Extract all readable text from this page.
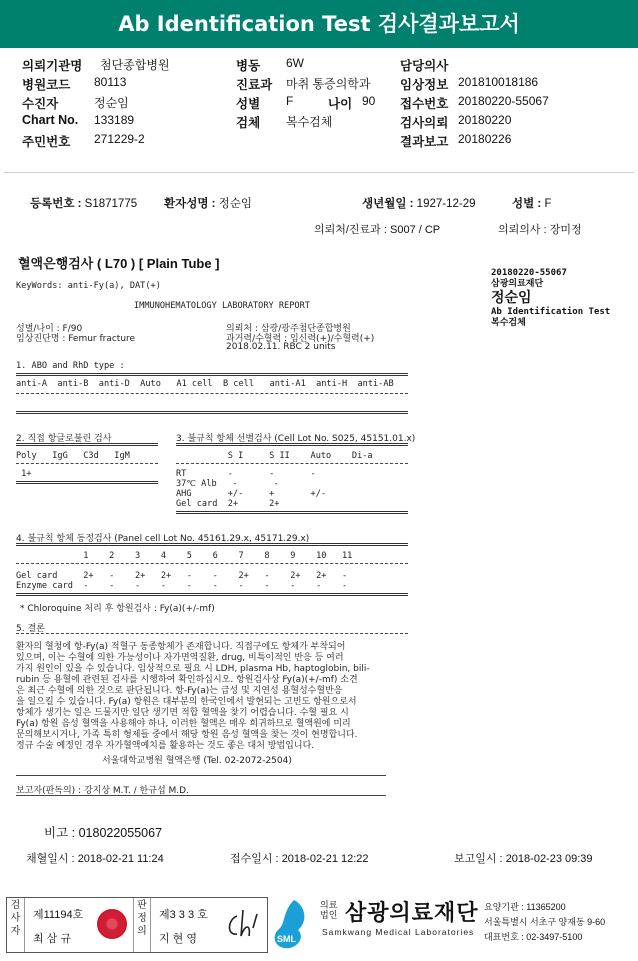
Ab Identification Test 검사결과보고서
의뢰기관명 첨단종합병원	병동 6W	담당의사
병원코드 80113	진료과 마취 통증의학과 임상정보 201810018186
수진자	정순임	성별 F	나이 90 접수번호 20180220-55067
Chart No. 133189	검체 복수검체	검사의뢰 20180220
주민번호 271229-2	결과보고 20180226
등록번호 : S1871775 환자성명 : 정순임	생년월일 : 1927-12-29	성별 : F
의뢰처/진료과 : S007 / CP	의뢰의사 : 장미정
혈액은행검사 ( L70 ) [ Plain Tube ]
20180220-55067
삼광의료재단
정순임
Ab Identification Test
복수검체
KeyWords: anti-Fy(a), DAT(+)
IMMUNOHEMATOLOGY LABORATORY REPORT
성별/나이 : F/90
임상진단명 : Femur fracture
의뢰처 : 삼광/광주첨단종합병원
과거력/수혈력 : 임신력(+)/수혈력(+)
2018.02.11. RBC 2 units
1. ABO and RhD type :
anti-A  anti-B  anti-D  Auto   A1 cell  B cell   anti-A1  anti-H  anti-AB
2. 직접 항글로불린 검사	3. 불규칙 항체 선별검사 (Cell Lot No. S025, 45151.01.x)
Poly   IgG   C3d   IgM	S I     S II    Auto    Di-a
1+	RT        -       -       -
37℃ Alb   -       -
AHG       +/-     +       +/-
Gel card  2+      2+
4. 불규칙 항체 동정검사 (Panel cell Lot No. 45161.29.x, 45171.29.x)
1    2    3    4    5    6    7    8    9    10   11
Gel card     2+   -    2+   2+   -    -    2+   -    2+   2+   -
Enzyme card  -    -    -    -    -    -    -    -    -    -    -
* Chloroquine 처리 후 항원검사 : Fy(a)(+/-mf)
5. 결론
환자의 혈청에 항-Fy(a) 적혈구 동종항체가 존재합니다. 직접구에도 항체가 부착되어
있으며, 이는 수혈에 의한 가능성이나 자가면역질환, drug, 비특이적인 반응 등 여러
가지 원인이 있을 수 있습니다. 임상적으로 필요 시 LDH, plasma Hb, haptoglobin, bili-
rubin 등 용혈에 관련된 검사를 시행하여 확인하십시오. 항원검사상 Fy(a)(+/-mf) 소견
은 최근 수혈에 의한 것으로 판단됩니다. 항-Fy(a)는 급성 및 지연성 용혈성수혈반응
을 일으킬 수 있습니다. Fy(a) 항원은 대부분의 한국인에서 발현되는 고빈도 항원으로서
항체가 생기는 일은 드물지만 일단 생기면 적합 혈액을 찾기 어렵습니다. 수혈 필요 시
Fy(a) 항원 음성 혈액을 사용해야 하나, 이러한 혈액은 매우 희귀하므로 혈액원에 미리
문의해보시거나, 가족 특히 형제들 중에서 해당 항원 음성 혈액을 찾는 것이 현명합니다.
정규 수술 예정인 경우 자가혈액예치를 활용하는 것도 좋은 대처 방법입니다.
서울대학교병원 혈액은행 (Tel. 02-2072-2504)
보고자(판독의) : 강지상 M.T. / 한규섭 M.D.
비고 : 018022055067
채혈일시 : 2018-02-21 11:24	접수일시 : 2018-02-21 12:22	보고일시 : 2018-02-23 09:39
검사자
제11194호
최 삼 규
판정의
제3 3 3 호
지 현 영	SML
의료
법인 삼광의료재단
Samkwang Medical Laboratories
요양기관 : 11365200
서울특별시 서초구 양재동 9-60
대표번호 : 02-3497-5100
